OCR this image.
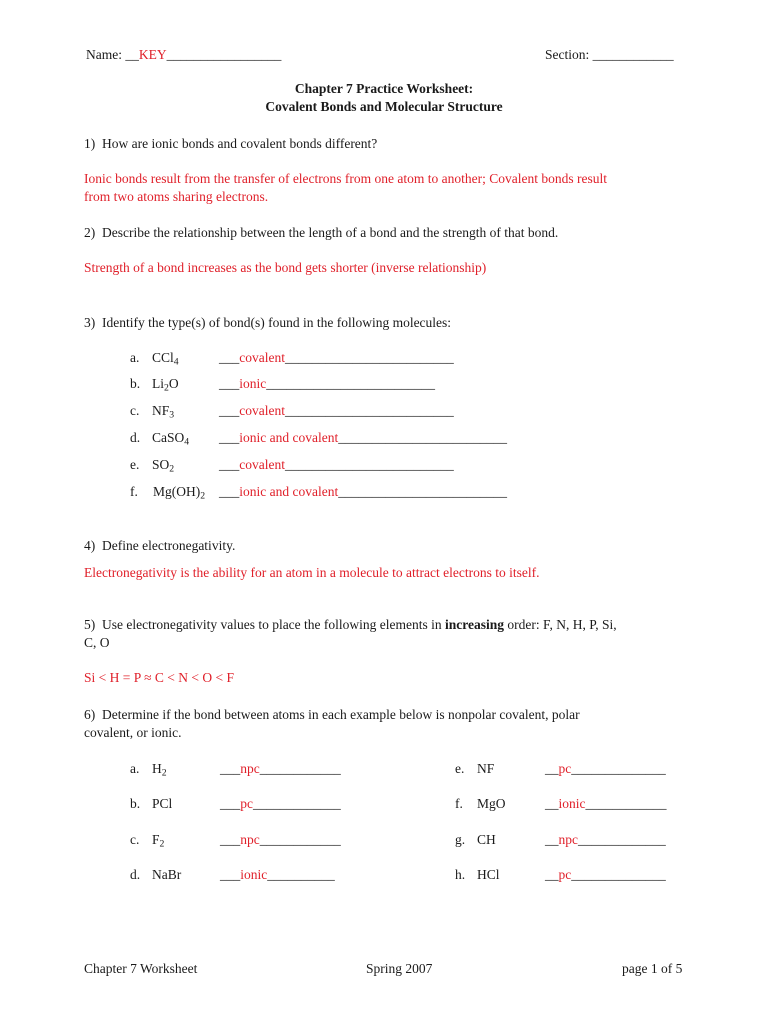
Name: __KEY_________________	Section: ____________
Chapter 7 Practice Worksheet:
Covalent Bonds and Molecular Structure
1) How are ionic bonds and covalent bonds different?
Ionic bonds result from the transfer of electrons from one atom to another; Covalent bonds result
from two atoms sharing electrons.
2) Describe the relationship between the length of a bond and the strength of that bond.
Strength of a bond increases as the bond gets shorter (inverse relationship)
3) Identify the type(s) of bond(s) found in the following molecules:
a. CCl$_4$	___covalent_________________________
b. $Li_2O$	___ionic_________________________
c. $NF_3$	___covalent_________________________
d. CaSO$_4$ ___ionic and covalent_________________________
e. $SO_2$	___covalent_________________________
f. $Mg(OH)_2$ ___ionic and covalent_________________________
4) Define electronegativity.
Electronegativity is the ability for an atom in a molecule to attract electrons to itself.
5) Use electronegativity values to place the following elements in increasing order: F, N, H, P, Si,
C, O
Si < H = P ≈ C < N < O < F
6) Determine if the bond between atoms in each example below is nonpolar covalent, polar
covalent, or ionic.
a. $H_2$	___npc____________
b. PCl	___pc_____________
c. $F_2$	___npc____________
d. NaBr	___ionic__________
e. NF	__pc______________
f. MgO	__ionic____________
g. CH	__npc_____________
h. HCl	__pc______________
Chapter 7 Worksheet	Spring 2007	page 1 of 5
